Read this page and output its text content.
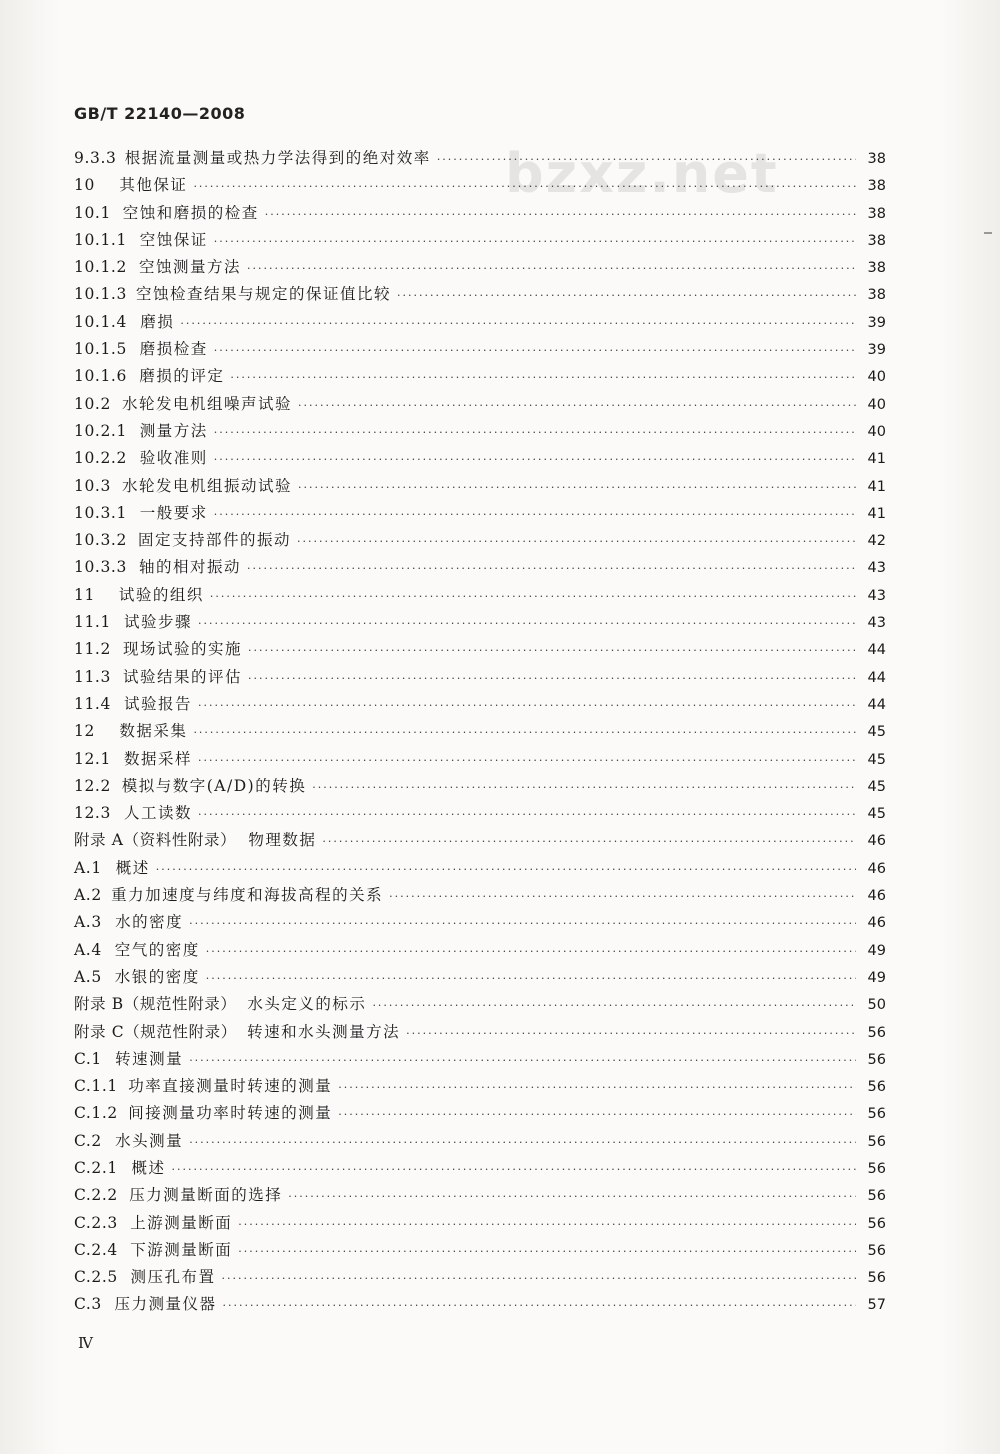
GB/T 22140—2008
bzxz.net
9.3.3 根据流量测量或热力学法得到的绝对效率 ·····	38
10 其他保证 ·····	38
10.1 空蚀和磨损的检查 ·····	38
10.1.1 空蚀保证 ·····	38
10.1.2 空蚀测量方法 ·····	38
10.1.3 空蚀检查结果与规定的保证值比较 ·····	38
10.1.4 磨损 ·····	39
10.1.5 磨损检查 ·····	39
10.1.6 磨损的评定 ·····	40
10.2 水轮发电机组噪声试验 ·····	40
10.2.1 测量方法 ·····	40
10.2.2 验收准则 ·····	41
10.3 水轮发电机组振动试验 ·····	41
10.3.1 一般要求 ·····	41
10.3.2 固定支持部件的振动 ·····	42
10.3.3 轴的相对振动 ·····	43
11 试验的组织 ·····	43
11.1 试验步骤 ·····	43
11.2 现场试验的实施 ·····	44
11.3 试验结果的评估 ·····	44
11.4 试验报告 ·····	44
12 数据采集 ·····	45
12.1 数据采样 ·····	45
12.2 模拟与数字(A/D)的转换 ·····	45
12.3 人工读数 ·····	45
附录 A（资料性附录） 物理数据 ·····	46
A.1 概述 ·····	46
A.2 重力加速度与纬度和海拔高程的关系 ·····	46
A.3 水的密度 ·····	46
A.4 空气的密度 ·····	49
A.5 水银的密度 ·····	49
附录 B（规范性附录） 水头定义的标示 ·····	50
附录 C（规范性附录） 转速和水头测量方法 ·····	56
C.1 转速测量 ·····	56
C.1.1 功率直接测量时转速的测量 ·····	56
C.1.2 间接测量功率时转速的测量 ·····	56
C.2 水头测量 ·····	56
C.2.1 概述 ·····	56
C.2.2 压力测量断面的选择 ·····	56
C.2.3 上游测量断面 ·····	56
C.2.4 下游测量断面 ·····	56
C.2.5 测压孔布置 ·····	56
C.3 压力测量仪器 ·····	57
Ⅳ
